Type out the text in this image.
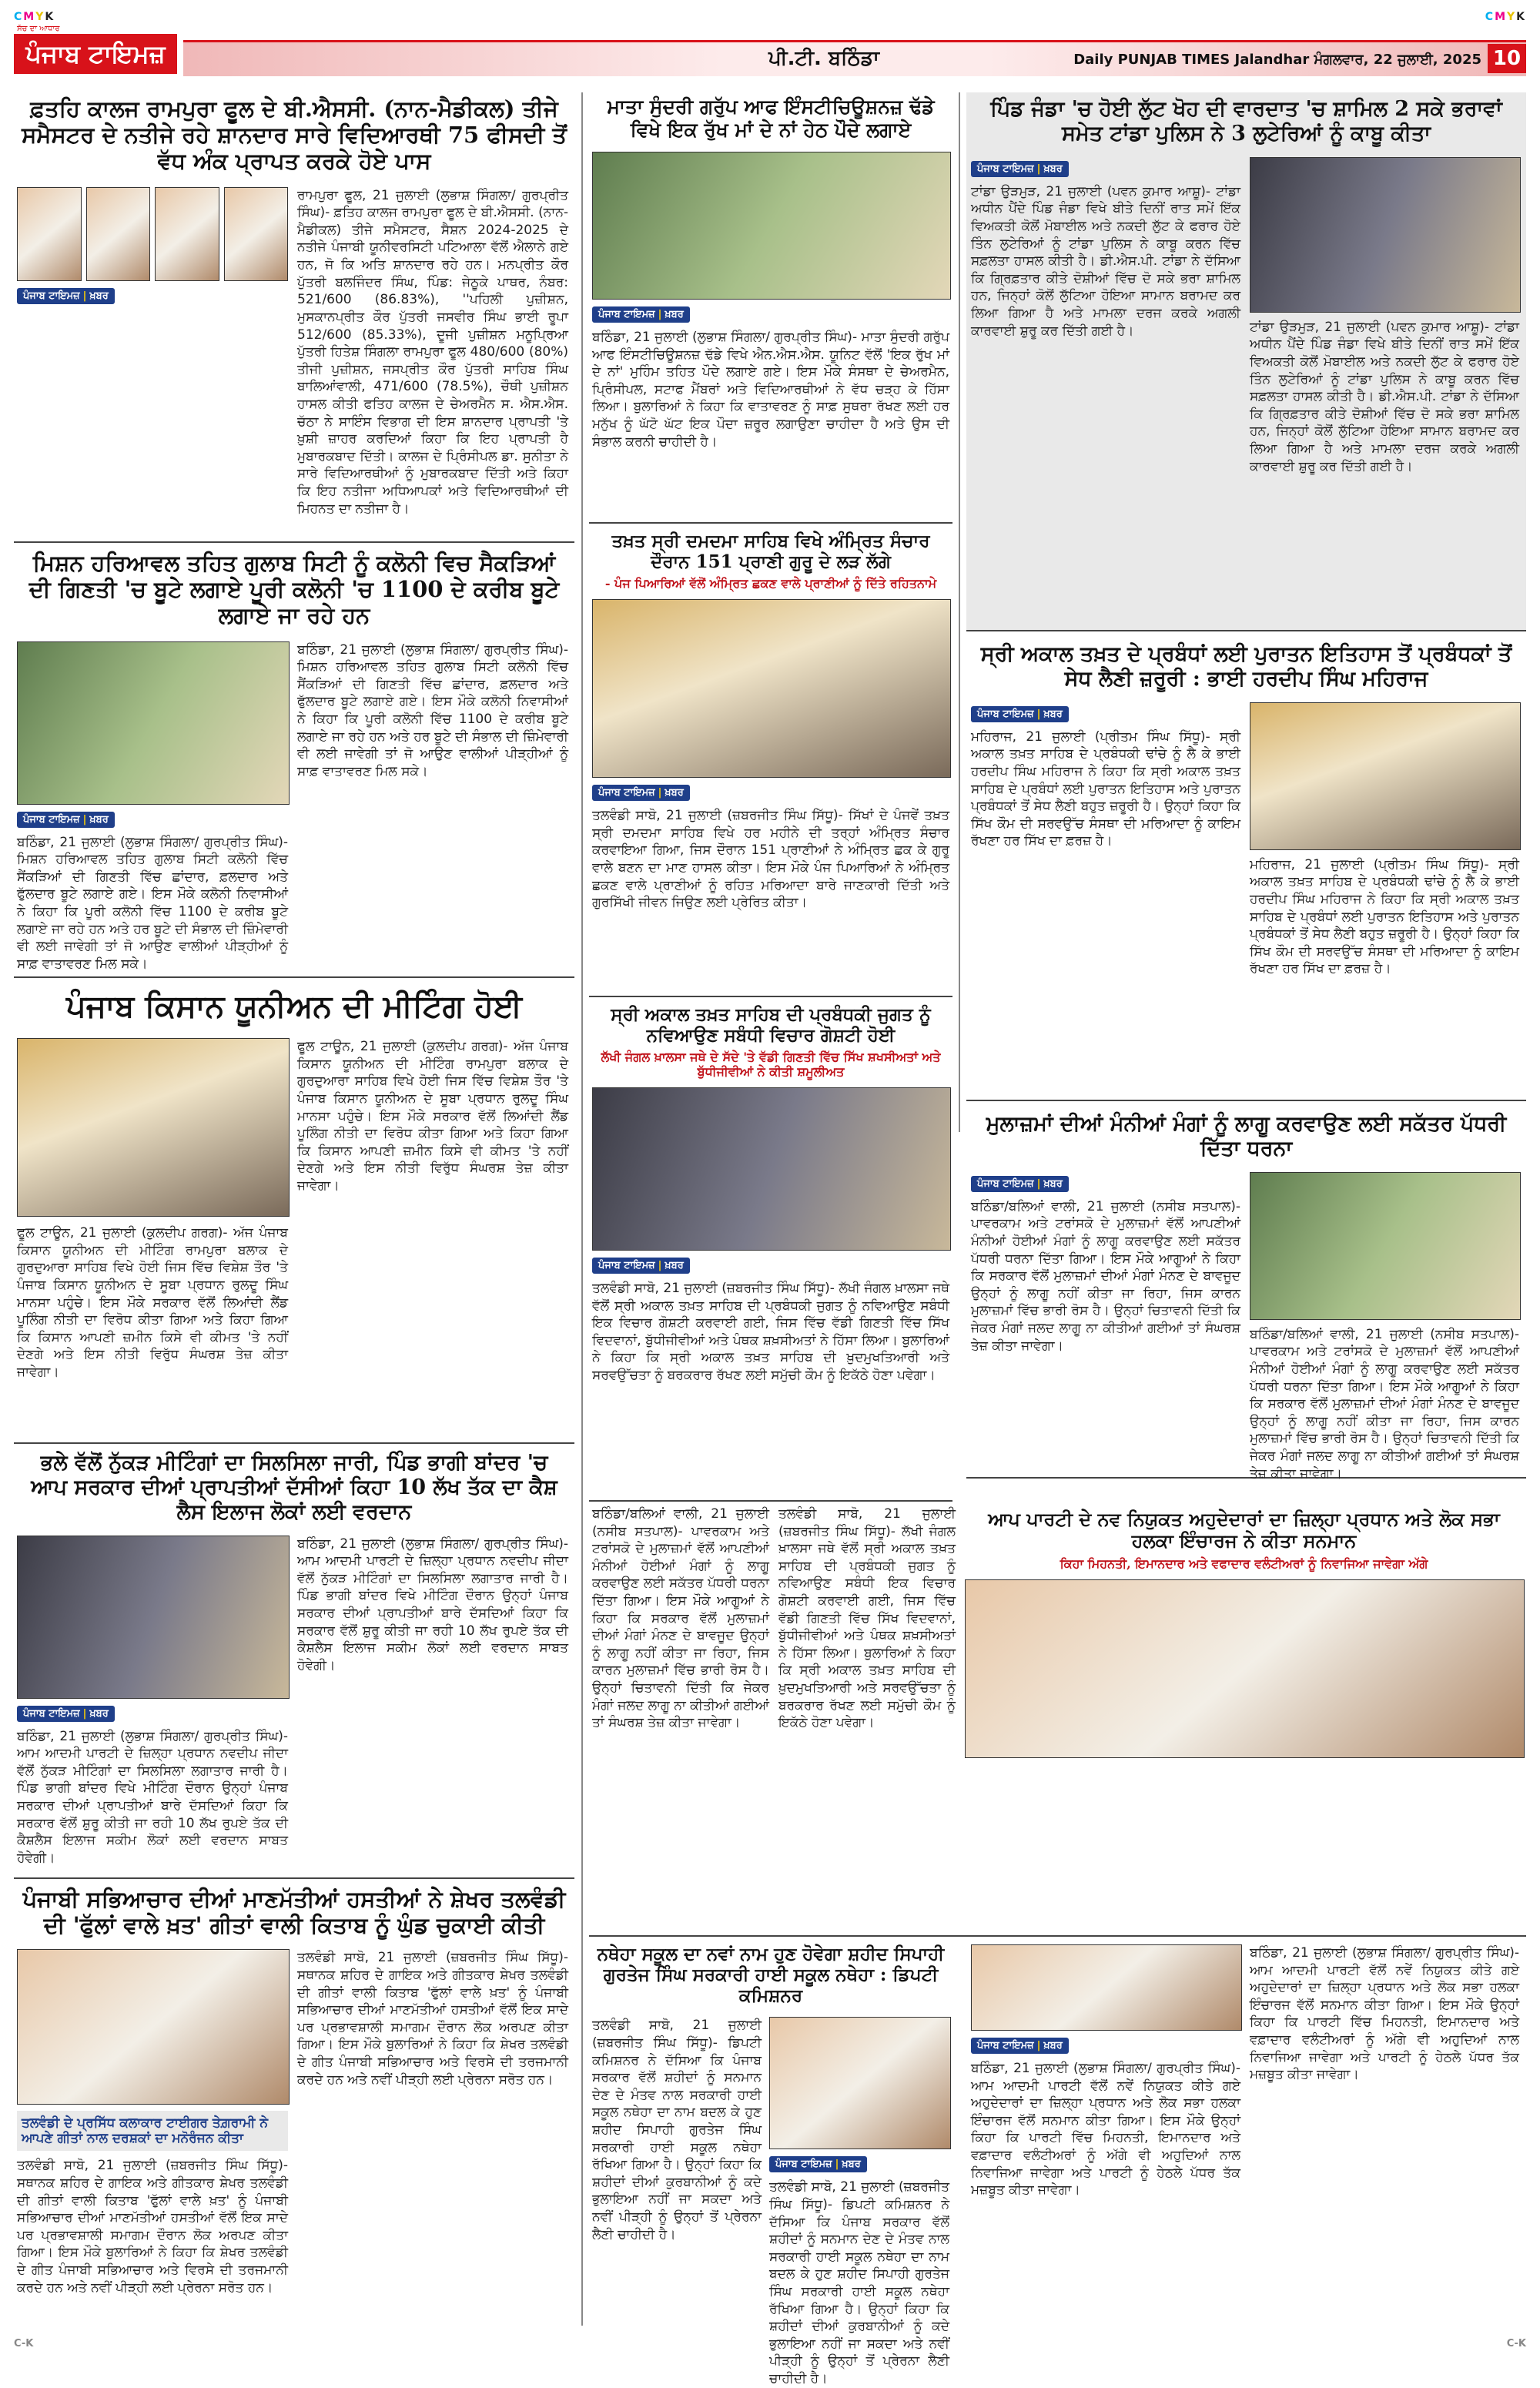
CMYK	CMYK
ਸੱਚ ਦਾ ਆਧਾਰ
ਪੰਜਾਬ ਟਾਇਮਜ਼	ਪੀ.ਟੀ. ਬਠਿੰਡਾ	Daily PUNJAB TIMES Jalandhar ਮੰਗਲਵਾਰ, 22 ਜੁਲਾਈ, 2025 10
ਫ਼ਤਹਿ ਕਾਲਜ ਰਾਮਪੁਰਾ ਫੂਲ ਦੇ ਬੀ.ਐਸਸੀ. (ਨਾਨ-ਮੈਡੀਕਲ) ਤੀਜੇ ਸਮੈਸਟਰ ਦੇ ਨਤੀਜੇ ਰਹੇ ਸ਼ਾਨਦਾਰ ਸਾਰੇ ਵਿਦਿਆਰਥੀ 75 ਫੀਸਦੀ ਤੋਂ ਵੱਧ ਅੰਕ ਪ੍ਰਾਪਤ ਕਰਕੇ ਹੋਏ ਪਾਸ
ਪੰਜਾਬ ਟਾਇਮਜ਼ | ਖ਼ਬਰ
ਰਾਮਪੁਰਾ ਫੂਲ, 21 ਜੁਲਾਈ (ਲੁਭਾਸ਼ ਸਿੰਗਲਾ/ ਗੁਰਪ੍ਰੀਤ ਸਿੰਘ)- ਫ਼ਤਿਹ ਕਾਲਜ ਰਾਮਪੁਰਾ ਫੂਲ ਦੇ ਬੀ.ਐਸਸੀ. (ਨਾਨ-ਮੈਡੀਕਲ) ਤੀਜੇ ਸਮੈਸਟਰ, ਸੈਸ਼ਨ 2024-2025 ਦੇ ਨਤੀਜੇ ਪੰਜਾਬੀ ਯੂਨੀਵਰਸਿਟੀ ਪਟਿਆਲਾ ਵੱਲੋਂ ਐਲਾਨੇ ਗਏ ਹਨ, ਜੋ ਕਿ ਅਤਿ ਸ਼ਾਨਦਾਰ ਰਹੇ ਹਨ। ਮਨਪ੍ਰੀਤ ਕੌਰ ਪੁੱਤਰੀ ਬਲਜਿੰਦਰ ਸਿੰਘ, ਪਿੰਡ: ਜੇਠੂਕੇ ਪਾਥਰ, ਨੰਬਰ: 521/600 (86.83%), ''ਪਹਿਲੀ ਪੁਜ਼ੀਸ਼ਨ, ਮੁਸਕਾਨਪ੍ਰੀਤ ਕੌਰ ਪੁੱਤਰੀ ਜਸਵੀਰ ਸਿੰਘ ਭਾਈ ਰੂਪਾ 512/600 (85.33%), ਦੂਜੀ ਪੁਜ਼ੀਸ਼ਨ ਮਨੂਪ੍ਰਿਆ ਪੁੱਤਰੀ ਹਿਤੇਸ਼ ਸਿੰਗਲਾ ਰਾਮਪੁਰਾ ਫੂਲ 480/600 (80%) ਤੀਜੀ ਪੁਜ਼ੀਸ਼ਨ, ਜਸਪ੍ਰੀਤ ਕੌਰ ਪੁੱਤਰੀ ਸਾਹਿਬ ਸਿੰਘ ਬਾਲਿਆਂਵਾਲੀ, 471/600 (78.5%), ਚੌਥੀ ਪੁਜ਼ੀਸ਼ਨ ਹਾਸਲ ਕੀਤੀ ਫਤਿਹ ਕਾਲਜ ਦੇ ਚੇਅਰਮੈਨ ਸ. ਐਸ.ਐਸ. ਚੱਠਾ ਨੇ ਸਾਇੰਸ ਵਿਭਾਗ ਦੀ ਇਸ ਸ਼ਾਨਦਾਰ ਪ੍ਰਾਪਤੀ 'ਤੇ ਖ਼ੁਸ਼ੀ ਜ਼ਾਹਰ ਕਰਦਿਆਂ ਕਿਹਾ ਕਿ ਇਹ ਪ੍ਰਾਪਤੀ ਹੈ ਮੁਬਾਰਕਬਾਦ ਦਿੱਤੀ। ਕਾਲਜ ਦੇ ਪ੍ਰਿੰਸੀਪਲ ਡਾ. ਸੁਨੀਤਾ ਨੇ ਸਾਰੇ ਵਿਦਿਆਰਥੀਆਂ ਨੂੰ ਮੁਬਾਰਕਬਾਦ ਦਿੱਤੀ ਅਤੇ ਕਿਹਾ ਕਿ ਇਹ ਨਤੀਜਾ ਅਧਿਆਪਕਾਂ ਅਤੇ ਵਿਦਿਆਰਥੀਆਂ ਦੀ ਮਿਹਨਤ ਦਾ ਨਤੀਜਾ ਹੈ।
ਮਿਸ਼ਨ ਹਰਿਆਵਲ ਤਹਿਤ ਗੁਲਾਬ ਸਿਟੀ ਨੂੰ ਕਲੋਨੀ ਵਿਚ ਸੈਕੜਿਆਂ ਦੀ ਗਿਣਤੀ 'ਚ ਬੂਟੇ ਲਗਾਏ ਪੂਰੀ ਕਲੋਨੀ 'ਚ 1100 ਦੇ ਕਰੀਬ ਬੂਟੇ ਲਗਾਏ ਜਾ ਰਹੇ ਹਨ
ਪੰਜਾਬ ਟਾਇਮਜ਼ | ਖ਼ਬਰ
ਬਠਿੰਡਾ, 21 ਜੁਲਾਈ (ਲੁਭਾਸ਼ ਸਿੰਗਲਾ/ ਗੁਰਪ੍ਰੀਤ ਸਿੰਘ)- ਮਿਸ਼ਨ ਹਰਿਆਵਲ ਤਹਿਤ ਗੁਲਾਬ ਸਿਟੀ ਕਲੋਨੀ ਵਿੱਚ ਸੈਂਕੜਿਆਂ ਦੀ ਗਿਣਤੀ ਵਿੱਚ ਛਾਂਦਾਰ, ਫ਼ਲਦਾਰ ਅਤੇ ਫੁੱਲਦਾਰ ਬੂਟੇ ਲਗਾਏ ਗਏ। ਇਸ ਮੌਕੇ ਕਲੋਨੀ ਨਿਵਾਸੀਆਂ ਨੇ ਕਿਹਾ ਕਿ ਪੂਰੀ ਕਲੋਨੀ ਵਿੱਚ 1100 ਦੇ ਕਰੀਬ ਬੂਟੇ ਲਗਾਏ ਜਾ ਰਹੇ ਹਨ ਅਤੇ ਹਰ ਬੂਟੇ ਦੀ ਸੰਭਾਲ ਦੀ ਜ਼ਿੰਮੇਵਾਰੀ ਵੀ ਲਈ ਜਾਵੇਗੀ ਤਾਂ ਜੋ ਆਉਣ ਵਾਲੀਆਂ ਪੀੜ੍ਹੀਆਂ ਨੂੰ ਸਾਫ਼ ਵਾਤਾਵਰਣ ਮਿਲ ਸਕੇ।
ਬਠਿੰਡਾ, 21 ਜੁਲਾਈ (ਲੁਭਾਸ਼ ਸਿੰਗਲਾ/ ਗੁਰਪ੍ਰੀਤ ਸਿੰਘ)- ਮਿਸ਼ਨ ਹਰਿਆਵਲ ਤਹਿਤ ਗੁਲਾਬ ਸਿਟੀ ਕਲੋਨੀ ਵਿੱਚ ਸੈਂਕੜਿਆਂ ਦੀ ਗਿਣਤੀ ਵਿੱਚ ਛਾਂਦਾਰ, ਫ਼ਲਦਾਰ ਅਤੇ ਫੁੱਲਦਾਰ ਬੂਟੇ ਲਗਾਏ ਗਏ। ਇਸ ਮੌਕੇ ਕਲੋਨੀ ਨਿਵਾਸੀਆਂ ਨੇ ਕਿਹਾ ਕਿ ਪੂਰੀ ਕਲੋਨੀ ਵਿੱਚ 1100 ਦੇ ਕਰੀਬ ਬੂਟੇ ਲਗਾਏ ਜਾ ਰਹੇ ਹਨ ਅਤੇ ਹਰ ਬੂਟੇ ਦੀ ਸੰਭਾਲ ਦੀ ਜ਼ਿੰਮੇਵਾਰੀ ਵੀ ਲਈ ਜਾਵੇਗੀ ਤਾਂ ਜੋ ਆਉਣ ਵਾਲੀਆਂ ਪੀੜ੍ਹੀਆਂ ਨੂੰ ਸਾਫ਼ ਵਾਤਾਵਰਣ ਮਿਲ ਸਕੇ।
ਪੰਜਾਬ ਕਿਸਾਨ ਯੂਨੀਅਨ ਦੀ ਮੀਟਿੰਗ ਹੋਈ
ਫੂਲ ਟਾਊਨ, 21 ਜੁਲਾਈ (ਕੁਲਦੀਪ ਗਰਗ)- ਅੱਜ ਪੰਜਾਬ ਕਿਸਾਨ ਯੂਨੀਅਨ ਦੀ ਮੀਟਿੰਗ ਰਾਮਪੁਰਾ ਬਲਾਕ ਦੇ ਗੁਰਦੁਆਰਾ ਸਾਹਿਬ ਵਿਖੇ ਹੋਈ ਜਿਸ ਵਿੱਚ ਵਿਸ਼ੇਸ਼ ਤੌਰ 'ਤੇ ਪੰਜਾਬ ਕਿਸਾਨ ਯੂਨੀਅਨ ਦੇ ਸੂਬਾ ਪ੍ਰਧਾਨ ਰੁਲਦੂ ਸਿੰਘ ਮਾਨਸਾ ਪਹੁੰਚੇ। ਇਸ ਮੌਕੇ ਸਰਕਾਰ ਵੱਲੋਂ ਲਿਆਂਦੀ ਲੈਂਡ ਪੂਲਿੰਗ ਨੀਤੀ ਦਾ ਵਿਰੋਧ ਕੀਤਾ ਗਿਆ ਅਤੇ ਕਿਹਾ ਗਿਆ ਕਿ ਕਿਸਾਨ ਆਪਣੀ ਜ਼ਮੀਨ ਕਿਸੇ ਵੀ ਕੀਮਤ 'ਤੇ ਨਹੀਂ ਦੇਣਗੇ ਅਤੇ ਇਸ ਨੀਤੀ ਵਿਰੁੱਧ ਸੰਘਰਸ਼ ਤੇਜ਼ ਕੀਤਾ ਜਾਵੇਗਾ।
ਫੂਲ ਟਾਊਨ, 21 ਜੁਲਾਈ (ਕੁਲਦੀਪ ਗਰਗ)- ਅੱਜ ਪੰਜਾਬ ਕਿਸਾਨ ਯੂਨੀਅਨ ਦੀ ਮੀਟਿੰਗ ਰਾਮਪੁਰਾ ਬਲਾਕ ਦੇ ਗੁਰਦੁਆਰਾ ਸਾਹਿਬ ਵਿਖੇ ਹੋਈ ਜਿਸ ਵਿੱਚ ਵਿਸ਼ੇਸ਼ ਤੌਰ 'ਤੇ ਪੰਜਾਬ ਕਿਸਾਨ ਯੂਨੀਅਨ ਦੇ ਸੂਬਾ ਪ੍ਰਧਾਨ ਰੁਲਦੂ ਸਿੰਘ ਮਾਨਸਾ ਪਹੁੰਚੇ। ਇਸ ਮੌਕੇ ਸਰਕਾਰ ਵੱਲੋਂ ਲਿਆਂਦੀ ਲੈਂਡ ਪੂਲਿੰਗ ਨੀਤੀ ਦਾ ਵਿਰੋਧ ਕੀਤਾ ਗਿਆ ਅਤੇ ਕਿਹਾ ਗਿਆ ਕਿ ਕਿਸਾਨ ਆਪਣੀ ਜ਼ਮੀਨ ਕਿਸੇ ਵੀ ਕੀਮਤ 'ਤੇ ਨਹੀਂ ਦੇਣਗੇ ਅਤੇ ਇਸ ਨੀਤੀ ਵਿਰੁੱਧ ਸੰਘਰਸ਼ ਤੇਜ਼ ਕੀਤਾ ਜਾਵੇਗਾ।
ਭਲੇ ਵੱਲੋਂ ਨੁੱਕੜ ਮੀਟਿੰਗਾਂ ਦਾ ਸਿਲਸਿਲਾ ਜਾਰੀ, ਪਿੰਡ ਭਾਗੀ ਬਾਂਦਰ 'ਚ ਆਪ ਸਰਕਾਰ ਦੀਆਂ ਪ੍ਰਾਪਤੀਆਂ ਦੱਸੀਆਂ ਕਿਹਾ 10 ਲੱਖ ਤੱਕ ਦਾ ਕੈਸ਼ ਲੈਸ ਇਲਾਜ ਲੋਕਾਂ ਲਈ ਵਰਦਾਨ
ਪੰਜਾਬ ਟਾਇਮਜ਼ | ਖ਼ਬਰ
ਬਠਿੰਡਾ, 21 ਜੁਲਾਈ (ਲੁਭਾਸ਼ ਸਿੰਗਲਾ/ ਗੁਰਪ੍ਰੀਤ ਸਿੰਘ)- ਆਮ ਆਦਮੀ ਪਾਰਟੀ ਦੇ ਜ਼ਿਲ੍ਹਾ ਪ੍ਰਧਾਨ ਨਵਦੀਪ ਜੀਦਾ ਵੱਲੋਂ ਨੁੱਕੜ ਮੀਟਿੰਗਾਂ ਦਾ ਸਿਲਸਿਲਾ ਲਗਾਤਾਰ ਜਾਰੀ ਹੈ। ਪਿੰਡ ਭਾਗੀ ਬਾਂਦਰ ਵਿਖੇ ਮੀਟਿੰਗ ਦੌਰਾਨ ਉਨ੍ਹਾਂ ਪੰਜਾਬ ਸਰਕਾਰ ਦੀਆਂ ਪ੍ਰਾਪਤੀਆਂ ਬਾਰੇ ਦੱਸਦਿਆਂ ਕਿਹਾ ਕਿ ਸਰਕਾਰ ਵੱਲੋਂ ਸ਼ੁਰੂ ਕੀਤੀ ਜਾ ਰਹੀ 10 ਲੱਖ ਰੁਪਏ ਤੱਕ ਦੀ ਕੈਸ਼ਲੈਸ ਇਲਾਜ ਸਕੀਮ ਲੋਕਾਂ ਲਈ ਵਰਦਾਨ ਸਾਬਤ ਹੋਵੇਗੀ।
ਬਠਿੰਡਾ, 21 ਜੁਲਾਈ (ਲੁਭਾਸ਼ ਸਿੰਗਲਾ/ ਗੁਰਪ੍ਰੀਤ ਸਿੰਘ)- ਆਮ ਆਦਮੀ ਪਾਰਟੀ ਦੇ ਜ਼ਿਲ੍ਹਾ ਪ੍ਰਧਾਨ ਨਵਦੀਪ ਜੀਦਾ ਵੱਲੋਂ ਨੁੱਕੜ ਮੀਟਿੰਗਾਂ ਦਾ ਸਿਲਸਿਲਾ ਲਗਾਤਾਰ ਜਾਰੀ ਹੈ। ਪਿੰਡ ਭਾਗੀ ਬਾਂਦਰ ਵਿਖੇ ਮੀਟਿੰਗ ਦੌਰਾਨ ਉਨ੍ਹਾਂ ਪੰਜਾਬ ਸਰਕਾਰ ਦੀਆਂ ਪ੍ਰਾਪਤੀਆਂ ਬਾਰੇ ਦੱਸਦਿਆਂ ਕਿਹਾ ਕਿ ਸਰਕਾਰ ਵੱਲੋਂ ਸ਼ੁਰੂ ਕੀਤੀ ਜਾ ਰਹੀ 10 ਲੱਖ ਰੁਪਏ ਤੱਕ ਦੀ ਕੈਸ਼ਲੈਸ ਇਲਾਜ ਸਕੀਮ ਲੋਕਾਂ ਲਈ ਵਰਦਾਨ ਸਾਬਤ ਹੋਵੇਗੀ।
ਪੰਜਾਬੀ ਸਭਿਆਚਾਰ ਦੀਆਂ ਮਾਣਮੱਤੀਆਂ ਹਸਤੀਆਂ ਨੇ ਸ਼ੇਖਰ ਤਲਵੰਡੀ ਦੀ 'ਫੁੱਲਾਂ ਵਾਲੇ ਖ਼ਤ' ਗੀਤਾਂ ਵਾਲੀ ਕਿਤਾਬ ਨੂੰ ਘੁੰਡ ਚੁਕਾਈ ਕੀਤੀ
ਤਲਵੰਡੀ ਦੇ ਪ੍ਰਸਿੱਧ ਕਲਾਕਾਰ ਟਾਈਗਰ ਤੇਗ਼ਰਾਮੀ ਨੇ ਆਪਣੇ ਗੀਤਾਂ ਨਾਲ ਦਰਸ਼ਕਾਂ ਦਾ ਮਨੋਰੰਜਨ ਕੀਤਾ
ਤਲਵੰਡੀ ਸਾਬੋ, 21 ਜੁਲਾਈ (ਜ਼ਬਰਜੀਤ ਸਿੰਘ ਸਿੱਧੂ)- ਸਥਾਨਕ ਸ਼ਹਿਰ ਦੇ ਗਾਇਕ ਅਤੇ ਗੀਤਕਾਰ ਸ਼ੇਖਰ ਤਲਵੰਡੀ ਦੀ ਗੀਤਾਂ ਵਾਲੀ ਕਿਤਾਬ 'ਫੁੱਲਾਂ ਵਾਲੇ ਖ਼ਤ' ਨੂੰ ਪੰਜਾਬੀ ਸਭਿਆਚਾਰ ਦੀਆਂ ਮਾਣਮੱਤੀਆਂ ਹਸਤੀਆਂ ਵੱਲੋਂ ਇਕ ਸਾਦੇ ਪਰ ਪ੍ਰਭਾਵਸ਼ਾਲੀ ਸਮਾਗਮ ਦੌਰਾਨ ਲੋਕ ਅਰਪਣ ਕੀਤਾ ਗਿਆ। ਇਸ ਮੌਕੇ ਬੁਲਾਰਿਆਂ ਨੇ ਕਿਹਾ ਕਿ ਸ਼ੇਖਰ ਤਲਵੰਡੀ ਦੇ ਗੀਤ ਪੰਜਾਬੀ ਸਭਿਆਚਾਰ ਅਤੇ ਵਿਰਸੇ ਦੀ ਤਰਜਮਾਨੀ ਕਰਦੇ ਹਨ ਅਤੇ ਨਵੀਂ ਪੀੜ੍ਹੀ ਲਈ ਪ੍ਰੇਰਨਾ ਸਰੋਤ ਹਨ।
ਤਲਵੰਡੀ ਸਾਬੋ, 21 ਜੁਲਾਈ (ਜ਼ਬਰਜੀਤ ਸਿੰਘ ਸਿੱਧੂ)- ਸਥਾਨਕ ਸ਼ਹਿਰ ਦੇ ਗਾਇਕ ਅਤੇ ਗੀਤਕਾਰ ਸ਼ੇਖਰ ਤਲਵੰਡੀ ਦੀ ਗੀਤਾਂ ਵਾਲੀ ਕਿਤਾਬ 'ਫੁੱਲਾਂ ਵਾਲੇ ਖ਼ਤ' ਨੂੰ ਪੰਜਾਬੀ ਸਭਿਆਚਾਰ ਦੀਆਂ ਮਾਣਮੱਤੀਆਂ ਹਸਤੀਆਂ ਵੱਲੋਂ ਇਕ ਸਾਦੇ ਪਰ ਪ੍ਰਭਾਵਸ਼ਾਲੀ ਸਮਾਗਮ ਦੌਰਾਨ ਲੋਕ ਅਰਪਣ ਕੀਤਾ ਗਿਆ। ਇਸ ਮੌਕੇ ਬੁਲਾਰਿਆਂ ਨੇ ਕਿਹਾ ਕਿ ਸ਼ੇਖਰ ਤਲਵੰਡੀ ਦੇ ਗੀਤ ਪੰਜਾਬੀ ਸਭਿਆਚਾਰ ਅਤੇ ਵਿਰਸੇ ਦੀ ਤਰਜਮਾਨੀ ਕਰਦੇ ਹਨ ਅਤੇ ਨਵੀਂ ਪੀੜ੍ਹੀ ਲਈ ਪ੍ਰੇਰਨਾ ਸਰੋਤ ਹਨ।
ਮਾਤਾ ਸੁੰਦਰੀ ਗਰੁੱਪ ਆਫ ਇੰਸਟੀਚਿਊਸ਼ਨਜ਼ ਢੱਡੇ ਵਿਖੇ ਇਕ ਰੁੱਖ ਮਾਂ ਦੇ ਨਾਂ ਹੇਠ ਪੌਦੇ ਲਗਾਏ
ਪੰਜਾਬ ਟਾਇਮਜ਼ | ਖ਼ਬਰ
ਬਠਿੰਡਾ, 21 ਜੁਲਾਈ (ਲੁਭਾਸ਼ ਸਿੰਗਲਾ/ ਗੁਰਪ੍ਰੀਤ ਸਿੰਘ)- ਮਾਤਾ ਸੁੰਦਰੀ ਗਰੁੱਪ ਆਫ ਇੰਸਟੀਚਿਊਸ਼ਨਜ਼ ਢੱਡੇ ਵਿਖੇ ਐਨ.ਐਸ.ਐਸ. ਯੂਨਿਟ ਵੱਲੋਂ 'ਇਕ ਰੁੱਖ ਮਾਂ ਦੇ ਨਾਂ' ਮੁਹਿੰਮ ਤਹਿਤ ਪੌਦੇ ਲਗਾਏ ਗਏ। ਇਸ ਮੌਕੇ ਸੰਸਥਾ ਦੇ ਚੇਅਰਮੈਨ, ਪ੍ਰਿੰਸੀਪਲ, ਸਟਾਫ ਮੈਂਬਰਾਂ ਅਤੇ ਵਿਦਿਆਰਥੀਆਂ ਨੇ ਵੱਧ ਚੜ੍ਹ ਕੇ ਹਿੱਸਾ ਲਿਆ। ਬੁਲਾਰਿਆਂ ਨੇ ਕਿਹਾ ਕਿ ਵਾਤਾਵਰਣ ਨੂੰ ਸਾਫ਼ ਸੁਥਰਾ ਰੱਖਣ ਲਈ ਹਰ ਮਨੁੱਖ ਨੂੰ ਘੱਟੋ ਘੱਟ ਇਕ ਪੌਦਾ ਜ਼ਰੂਰ ਲਗਾਉਣਾ ਚਾਹੀਦਾ ਹੈ ਅਤੇ ਉਸ ਦੀ ਸੰਭਾਲ ਕਰਨੀ ਚਾਹੀਦੀ ਹੈ।
ਤਖ਼ਤ ਸ੍ਰੀ ਦਮਦਮਾ ਸਾਹਿਬ ਵਿਖੇ ਅੰਮ੍ਰਿਤ ਸੰਚਾਰ ਦੌਰਾਨ 151 ਪ੍ਰਾਣੀ ਗੁਰੂ ਦੇ ਲੜ ਲੱਗੇ
- ਪੰਜ ਪਿਆਰਿਆਂ ਵੱਲੋਂ ਅੰਮ੍ਰਿਤ ਛਕਣ ਵਾਲੇ ਪ੍ਰਾਣੀਆਂ ਨੂੰ ਦਿੱਤੇ ਰਹਿਤਨਾਮੇ
ਪੰਜਾਬ ਟਾਇਮਜ਼ | ਖ਼ਬਰ
ਤਲਵੰਡੀ ਸਾਬੋ, 21 ਜੁਲਾਈ (ਜ਼ਬਰਜੀਤ ਸਿੰਘ ਸਿੱਧੂ)- ਸਿੱਖਾਂ ਦੇ ਪੰਜਵੇਂ ਤਖ਼ਤ ਸ੍ਰੀ ਦਮਦਮਾ ਸਾਹਿਬ ਵਿਖੇ ਹਰ ਮਹੀਨੇ ਦੀ ਤਰ੍ਹਾਂ ਅੰਮ੍ਰਿਤ ਸੰਚਾਰ ਕਰਵਾਇਆ ਗਿਆ, ਜਿਸ ਦੌਰਾਨ 151 ਪ੍ਰਾਣੀਆਂ ਨੇ ਅੰਮ੍ਰਿਤ ਛਕ ਕੇ ਗੁਰੂ ਵਾਲੇ ਬਣਨ ਦਾ ਮਾਣ ਹਾਸਲ ਕੀਤਾ। ਇਸ ਮੌਕੇ ਪੰਜ ਪਿਆਰਿਆਂ ਨੇ ਅੰਮ੍ਰਿਤ ਛਕਣ ਵਾਲੇ ਪ੍ਰਾਣੀਆਂ ਨੂੰ ਰਹਿਤ ਮਰਿਆਦਾ ਬਾਰੇ ਜਾਣਕਾਰੀ ਦਿੱਤੀ ਅਤੇ ਗੁਰਸਿੱਖੀ ਜੀਵਨ ਜਿਉਣ ਲਈ ਪ੍ਰੇਰਿਤ ਕੀਤਾ।
ਸ੍ਰੀ ਅਕਾਲ ਤਖ਼ਤ ਸਾਹਿਬ ਦੀ ਪ੍ਰਬੰਧਕੀ ਜੁਗਤ ਨੂੰ ਨਵਿਆਉਣ ਸਬੰਧੀ ਵਿਚਾਰ ਗੋਸ਼ਟੀ ਹੋਈ
ਲੱਖੀ ਜੰਗਲ ਖ਼ਾਲਸਾ ਜਥੇ ਦੇ ਸੱਦੇ 'ਤੇ ਵੱਡੀ ਗਿਣਤੀ ਵਿੱਚ ਸਿੱਖ ਸ਼ਖਸੀਅਤਾਂ ਅਤੇ ਬੁੱਧੀਜੀਵੀਆਂ ਨੇ ਕੀਤੀ ਸ਼ਮੂਲੀਅਤ
ਪੰਜਾਬ ਟਾਇਮਜ਼ | ਖ਼ਬਰ
ਤਲਵੰਡੀ ਸਾਬੋ, 21 ਜੁਲਾਈ (ਜ਼ਬਰਜੀਤ ਸਿੰਘ ਸਿੱਧੂ)- ਲੱਖੀ ਜੰਗਲ ਖ਼ਾਲਸਾ ਜਥੇ ਵੱਲੋਂ ਸ੍ਰੀ ਅਕਾਲ ਤਖ਼ਤ ਸਾਹਿਬ ਦੀ ਪ੍ਰਬੰਧਕੀ ਜੁਗਤ ਨੂੰ ਨਵਿਆਉਣ ਸਬੰਧੀ ਇਕ ਵਿਚਾਰ ਗੋਸ਼ਟੀ ਕਰਵਾਈ ਗਈ, ਜਿਸ ਵਿੱਚ ਵੱਡੀ ਗਿਣਤੀ ਵਿੱਚ ਸਿੱਖ ਵਿਦਵਾਨਾਂ, ਬੁੱਧੀਜੀਵੀਆਂ ਅਤੇ ਪੰਥਕ ਸ਼ਖ਼ਸੀਅਤਾਂ ਨੇ ਹਿੱਸਾ ਲਿਆ। ਬੁਲਾਰਿਆਂ ਨੇ ਕਿਹਾ ਕਿ ਸ੍ਰੀ ਅਕਾਲ ਤਖ਼ਤ ਸਾਹਿਬ ਦੀ ਖ਼ੁਦਮੁਖਤਿਆਰੀ ਅਤੇ ਸਰਵਉੱਚਤਾ ਨੂੰ ਬਰਕਰਾਰ ਰੱਖਣ ਲਈ ਸਮੁੱਚੀ ਕੌਮ ਨੂੰ ਇਕੱਠੇ ਹੋਣਾ ਪਵੇਗਾ।
ਨਥੇਹਾ ਸਕੂਲ ਦਾ ਨਵਾਂ ਨਾਮ ਹੁਣ ਹੋਵੇਗਾ ਸ਼ਹੀਦ ਸਿਪਾਹੀ ਗੁਰਤੇਜ ਸਿੰਘ ਸਰਕਾਰੀ ਹਾਈ ਸਕੂਲ ਨਥੇਹਾ : ਡਿਪਟੀ ਕਮਿਸ਼ਨਰ
ਤਲਵੰਡੀ ਸਾਬੋ, 21 ਜੁਲਾਈ (ਜ਼ਬਰਜੀਤ ਸਿੰਘ ਸਿੱਧੂ)- ਡਿਪਟੀ ਕਮਿਸ਼ਨਰ ਨੇ ਦੱਸਿਆ ਕਿ ਪੰਜਾਬ ਸਰਕਾਰ ਵੱਲੋਂ ਸ਼ਹੀਦਾਂ ਨੂੰ ਸਨਮਾਨ ਦੇਣ ਦੇ ਮੰਤਵ ਨਾਲ ਸਰਕਾਰੀ ਹਾਈ ਸਕੂਲ ਨਥੇਹਾ ਦਾ ਨਾਮ ਬਦਲ ਕੇ ਹੁਣ ਸ਼ਹੀਦ ਸਿਪਾਹੀ ਗੁਰਤੇਜ ਸਿੰਘ ਸਰਕਾਰੀ ਹਾਈ ਸਕੂਲ ਨਥੇਹਾ ਰੱਖਿਆ ਗਿਆ ਹੈ। ਉਨ੍ਹਾਂ ਕਿਹਾ ਕਿ ਸ਼ਹੀਦਾਂ ਦੀਆਂ ਕੁਰਬਾਨੀਆਂ ਨੂੰ ਕਦੇ ਭੁਲਾਇਆ ਨਹੀਂ ਜਾ ਸਕਦਾ ਅਤੇ ਨਵੀਂ ਪੀੜ੍ਹੀ ਨੂੰ ਉਨ੍ਹਾਂ ਤੋਂ ਪ੍ਰੇਰਨਾ ਲੈਣੀ ਚਾਹੀਦੀ ਹੈ।
ਪੰਜਾਬ ਟਾਇਮਜ਼ | ਖ਼ਬਰ
ਤਲਵੰਡੀ ਸਾਬੋ, 21 ਜੁਲਾਈ (ਜ਼ਬਰਜੀਤ ਸਿੰਘ ਸਿੱਧੂ)- ਡਿਪਟੀ ਕਮਿਸ਼ਨਰ ਨੇ ਦੱਸਿਆ ਕਿ ਪੰਜਾਬ ਸਰਕਾਰ ਵੱਲੋਂ ਸ਼ਹੀਦਾਂ ਨੂੰ ਸਨਮਾਨ ਦੇਣ ਦੇ ਮੰਤਵ ਨਾਲ ਸਰਕਾਰੀ ਹਾਈ ਸਕੂਲ ਨਥੇਹਾ ਦਾ ਨਾਮ ਬਦਲ ਕੇ ਹੁਣ ਸ਼ਹੀਦ ਸਿਪਾਹੀ ਗੁਰਤੇਜ ਸਿੰਘ ਸਰਕਾਰੀ ਹਾਈ ਸਕੂਲ ਨਥੇਹਾ ਰੱਖਿਆ ਗਿਆ ਹੈ। ਉਨ੍ਹਾਂ ਕਿਹਾ ਕਿ ਸ਼ਹੀਦਾਂ ਦੀਆਂ ਕੁਰਬਾਨੀਆਂ ਨੂੰ ਕਦੇ ਭੁਲਾਇਆ ਨਹੀਂ ਜਾ ਸਕਦਾ ਅਤੇ ਨਵੀਂ ਪੀੜ੍ਹੀ ਨੂੰ ਉਨ੍ਹਾਂ ਤੋਂ ਪ੍ਰੇਰਨਾ ਲੈਣੀ ਚਾਹੀਦੀ ਹੈ।
ਪਿੰਡ ਜੰਡਾ 'ਚ ਹੋਈ ਲੁੱਟ ਖੋਹ ਦੀ ਵਾਰਦਾਤ 'ਚ ਸ਼ਾਮਿਲ 2 ਸਕੇ ਭਰਾਵਾਂ ਸਮੇਤ ਟਾਂਡਾ ਪੁਲਿਸ ਨੇ 3 ਲੁਟੇਰਿਆਂ ਨੂੰ ਕਾਬੂ ਕੀਤਾ
ਪੰਜਾਬ ਟਾਇਮਜ਼ | ਖ਼ਬਰ
ਟਾਂਡਾ ਉੜਮੁੜ, 21 ਜੁਲਾਈ (ਪਵਨ ਕੁਮਾਰ ਆਸ਼ੂ)- ਟਾਂਡਾ ਅਧੀਨ ਪੈਂਦੇ ਪਿੰਡ ਜੰਡਾ ਵਿਖੇ ਬੀਤੇ ਦਿਨੀਂ ਰਾਤ ਸਮੇਂ ਇੱਕ ਵਿਅਕਤੀ ਕੋਲੋਂ ਮੋਬਾਈਲ ਅਤੇ ਨਕਦੀ ਲੁੱਟ ਕੇ ਫਰਾਰ ਹੋਏ ਤਿੰਨ ਲੁਟੇਰਿਆਂ ਨੂੰ ਟਾਂਡਾ ਪੁਲਿਸ ਨੇ ਕਾਬੂ ਕਰਨ ਵਿੱਚ ਸਫ਼ਲਤਾ ਹਾਸਲ ਕੀਤੀ ਹੈ। ਡੀ.ਐਸ.ਪੀ. ਟਾਂਡਾ ਨੇ ਦੱਸਿਆ ਕਿ ਗ੍ਰਿਫ਼ਤਾਰ ਕੀਤੇ ਦੋਸ਼ੀਆਂ ਵਿੱਚ ਦੋ ਸਕੇ ਭਰਾ ਸ਼ਾਮਿਲ ਹਨ, ਜਿਨ੍ਹਾਂ ਕੋਲੋਂ ਲੁੱਟਿਆ ਹੋਇਆ ਸਾਮਾਨ ਬਰਾਮਦ ਕਰ ਲਿਆ ਗਿਆ ਹੈ ਅਤੇ ਮਾਮਲਾ ਦਰਜ ਕਰਕੇ ਅਗਲੀ ਕਾਰਵਾਈ ਸ਼ੁਰੂ ਕਰ ਦਿੱਤੀ ਗਈ ਹੈ।	ਟਾਂਡਾ ਉੜਮੁੜ, 21 ਜੁਲਾਈ (ਪਵਨ ਕੁਮਾਰ ਆਸ਼ੂ)- ਟਾਂਡਾ ਅਧੀਨ ਪੈਂਦੇ ਪਿੰਡ ਜੰਡਾ ਵਿਖੇ ਬੀਤੇ ਦਿਨੀਂ ਰਾਤ ਸਮੇਂ ਇੱਕ ਵਿਅਕਤੀ ਕੋਲੋਂ ਮੋਬਾਈਲ ਅਤੇ ਨਕਦੀ ਲੁੱਟ ਕੇ ਫਰਾਰ ਹੋਏ ਤਿੰਨ ਲੁਟੇਰਿਆਂ ਨੂੰ ਟਾਂਡਾ ਪੁਲਿਸ ਨੇ ਕਾਬੂ ਕਰਨ ਵਿੱਚ ਸਫ਼ਲਤਾ ਹਾਸਲ ਕੀਤੀ ਹੈ। ਡੀ.ਐਸ.ਪੀ. ਟਾਂਡਾ ਨੇ ਦੱਸਿਆ ਕਿ ਗ੍ਰਿਫ਼ਤਾਰ ਕੀਤੇ ਦੋਸ਼ੀਆਂ ਵਿੱਚ ਦੋ ਸਕੇ ਭਰਾ ਸ਼ਾਮਿਲ ਹਨ, ਜਿਨ੍ਹਾਂ ਕੋਲੋਂ ਲੁੱਟਿਆ ਹੋਇਆ ਸਾਮਾਨ ਬਰਾਮਦ ਕਰ ਲਿਆ ਗਿਆ ਹੈ ਅਤੇ ਮਾਮਲਾ ਦਰਜ ਕਰਕੇ ਅਗਲੀ ਕਾਰਵਾਈ ਸ਼ੁਰੂ ਕਰ ਦਿੱਤੀ ਗਈ ਹੈ।
ਸ੍ਰੀ ਅਕਾਲ ਤਖ਼ਤ ਦੇ ਪ੍ਰਬੰਧਾਂ ਲਈ ਪੁਰਾਤਨ ਇਤਿਹਾਸ ਤੋਂ ਪ੍ਰਬੰਧਕਾਂ ਤੋਂ ਸੇਧ ਲੈਣੀ ਜ਼ਰੂਰੀ : ਭਾਈ ਹਰਦੀਪ ਸਿੰਘ ਮਹਿਰਾਜ
ਪੰਜਾਬ ਟਾਇਮਜ਼ | ਖ਼ਬਰ
ਮਹਿਰਾਜ, 21 ਜੁਲਾਈ (ਪ੍ਰੀਤਮ ਸਿੰਘ ਸਿੱਧੂ)- ਸ੍ਰੀ ਅਕਾਲ ਤਖ਼ਤ ਸਾਹਿਬ ਦੇ ਪ੍ਰਬੰਧਕੀ ਢਾਂਚੇ ਨੂੰ ਲੈ ਕੇ ਭਾਈ ਹਰਦੀਪ ਸਿੰਘ ਮਹਿਰਾਜ ਨੇ ਕਿਹਾ ਕਿ ਸ੍ਰੀ ਅਕਾਲ ਤਖ਼ਤ ਸਾਹਿਬ ਦੇ ਪ੍ਰਬੰਧਾਂ ਲਈ ਪੁਰਾਤਨ ਇਤਿਹਾਸ ਅਤੇ ਪੁਰਾਤਨ ਪ੍ਰਬੰਧਕਾਂ ਤੋਂ ਸੇਧ ਲੈਣੀ ਬਹੁਤ ਜ਼ਰੂਰੀ ਹੈ। ਉਨ੍ਹਾਂ ਕਿਹਾ ਕਿ ਸਿੱਖ ਕੌਮ ਦੀ ਸਰਵਉੱਚ ਸੰਸਥਾ ਦੀ ਮਰਿਆਦਾ ਨੂੰ ਕਾਇਮ ਰੱਖਣਾ ਹਰ ਸਿੱਖ ਦਾ ਫ਼ਰਜ਼ ਹੈ।
ਮਹਿਰਾਜ, 21 ਜੁਲਾਈ (ਪ੍ਰੀਤਮ ਸਿੰਘ ਸਿੱਧੂ)- ਸ੍ਰੀ ਅਕਾਲ ਤਖ਼ਤ ਸਾਹਿਬ ਦੇ ਪ੍ਰਬੰਧਕੀ ਢਾਂਚੇ ਨੂੰ ਲੈ ਕੇ ਭਾਈ ਹਰਦੀਪ ਸਿੰਘ ਮਹਿਰਾਜ ਨੇ ਕਿਹਾ ਕਿ ਸ੍ਰੀ ਅਕਾਲ ਤਖ਼ਤ ਸਾਹਿਬ ਦੇ ਪ੍ਰਬੰਧਾਂ ਲਈ ਪੁਰਾਤਨ ਇਤਿਹਾਸ ਅਤੇ ਪੁਰਾਤਨ ਪ੍ਰਬੰਧਕਾਂ ਤੋਂ ਸੇਧ ਲੈਣੀ ਬਹੁਤ ਜ਼ਰੂਰੀ ਹੈ। ਉਨ੍ਹਾਂ ਕਿਹਾ ਕਿ ਸਿੱਖ ਕੌਮ ਦੀ ਸਰਵਉੱਚ ਸੰਸਥਾ ਦੀ ਮਰਿਆਦਾ ਨੂੰ ਕਾਇਮ ਰੱਖਣਾ ਹਰ ਸਿੱਖ ਦਾ ਫ਼ਰਜ਼ ਹੈ।
ਮੁਲਾਜ਼ਮਾਂ ਦੀਆਂ ਮੰਨੀਆਂ ਮੰਗਾਂ ਨੂੰ ਲਾਗੂ ਕਰਵਾਉਣ ਲਈ ਸਕੱਤਰ ਪੱਧਰੀ ਦਿੱਤਾ ਧਰਨਾ
ਪੰਜਾਬ ਟਾਇਮਜ਼ | ਖ਼ਬਰ
ਬਠਿੰਡਾ/ਬਲਿਆਂ ਵਾਲੀ, 21 ਜੁਲਾਈ (ਨਸੀਬ ਸਤਪਾਲ)- ਪਾਵਰਕਾਮ ਅਤੇ ਟਰਾਂਸਕੋ ਦੇ ਮੁਲਾਜ਼ਮਾਂ ਵੱਲੋਂ ਆਪਣੀਆਂ ਮੰਨੀਆਂ ਹੋਈਆਂ ਮੰਗਾਂ ਨੂੰ ਲਾਗੂ ਕਰਵਾਉਣ ਲਈ ਸਕੱਤਰ ਪੱਧਰੀ ਧਰਨਾ ਦਿੱਤਾ ਗਿਆ। ਇਸ ਮੌਕੇ ਆਗੂਆਂ ਨੇ ਕਿਹਾ ਕਿ ਸਰਕਾਰ ਵੱਲੋਂ ਮੁਲਾਜ਼ਮਾਂ ਦੀਆਂ ਮੰਗਾਂ ਮੰਨਣ ਦੇ ਬਾਵਜੂਦ ਉਨ੍ਹਾਂ ਨੂੰ ਲਾਗੂ ਨਹੀਂ ਕੀਤਾ ਜਾ ਰਿਹਾ, ਜਿਸ ਕਾਰਨ ਮੁਲਾਜ਼ਮਾਂ ਵਿੱਚ ਭਾਰੀ ਰੋਸ ਹੈ। ਉਨ੍ਹਾਂ ਚਿਤਾਵਨੀ ਦਿੱਤੀ ਕਿ ਜੇਕਰ ਮੰਗਾਂ ਜਲਦ ਲਾਗੂ ਨਾ ਕੀਤੀਆਂ ਗਈਆਂ ਤਾਂ ਸੰਘਰਸ਼ ਤੇਜ਼ ਕੀਤਾ ਜਾਵੇਗਾ।
ਬਠਿੰਡਾ/ਬਲਿਆਂ ਵਾਲੀ, 21 ਜੁਲਾਈ (ਨਸੀਬ ਸਤਪਾਲ)- ਪਾਵਰਕਾਮ ਅਤੇ ਟਰਾਂਸਕੋ ਦੇ ਮੁਲਾਜ਼ਮਾਂ ਵੱਲੋਂ ਆਪਣੀਆਂ ਮੰਨੀਆਂ ਹੋਈਆਂ ਮੰਗਾਂ ਨੂੰ ਲਾਗੂ ਕਰਵਾਉਣ ਲਈ ਸਕੱਤਰ ਪੱਧਰੀ ਧਰਨਾ ਦਿੱਤਾ ਗਿਆ। ਇਸ ਮੌਕੇ ਆਗੂਆਂ ਨੇ ਕਿਹਾ ਕਿ ਸਰਕਾਰ ਵੱਲੋਂ ਮੁਲਾਜ਼ਮਾਂ ਦੀਆਂ ਮੰਗਾਂ ਮੰਨਣ ਦੇ ਬਾਵਜੂਦ ਉਨ੍ਹਾਂ ਨੂੰ ਲਾਗੂ ਨਹੀਂ ਕੀਤਾ ਜਾ ਰਿਹਾ, ਜਿਸ ਕਾਰਨ ਮੁਲਾਜ਼ਮਾਂ ਵਿੱਚ ਭਾਰੀ ਰੋਸ ਹੈ। ਉਨ੍ਹਾਂ ਚਿਤਾਵਨੀ ਦਿੱਤੀ ਕਿ ਜੇਕਰ ਮੰਗਾਂ ਜਲਦ ਲਾਗੂ ਨਾ ਕੀਤੀਆਂ ਗਈਆਂ ਤਾਂ ਸੰਘਰਸ਼ ਤੇਜ਼ ਕੀਤਾ ਜਾਵੇਗਾ।
ਬਠਿੰਡਾ/ਬਲਿਆਂ ਵਾਲੀ, 21 ਜੁਲਾਈ (ਨਸੀਬ ਸਤਪਾਲ)- ਪਾਵਰਕਾਮ ਅਤੇ ਟਰਾਂਸਕੋ ਦੇ ਮੁਲਾਜ਼ਮਾਂ ਵੱਲੋਂ ਆਪਣੀਆਂ ਮੰਨੀਆਂ ਹੋਈਆਂ ਮੰਗਾਂ ਨੂੰ ਲਾਗੂ ਕਰਵਾਉਣ ਲਈ ਸਕੱਤਰ ਪੱਧਰੀ ਧਰਨਾ ਦਿੱਤਾ ਗਿਆ। ਇਸ ਮੌਕੇ ਆਗੂਆਂ ਨੇ ਕਿਹਾ ਕਿ ਸਰਕਾਰ ਵੱਲੋਂ ਮੁਲਾਜ਼ਮਾਂ ਦੀਆਂ ਮੰਗਾਂ ਮੰਨਣ ਦੇ ਬਾਵਜੂਦ ਉਨ੍ਹਾਂ ਨੂੰ ਲਾਗੂ ਨਹੀਂ ਕੀਤਾ ਜਾ ਰਿਹਾ, ਜਿਸ ਕਾਰਨ ਮੁਲਾਜ਼ਮਾਂ ਵਿੱਚ ਭਾਰੀ ਰੋਸ ਹੈ। ਉਨ੍ਹਾਂ ਚਿਤਾਵਨੀ ਦਿੱਤੀ ਕਿ ਜੇਕਰ ਮੰਗਾਂ ਜਲਦ ਲਾਗੂ ਨਾ ਕੀਤੀਆਂ ਗਈਆਂ ਤਾਂ ਸੰਘਰਸ਼ ਤੇਜ਼ ਕੀਤਾ ਜਾਵੇਗਾ।
ਤਲਵੰਡੀ ਸਾਬੋ, 21 ਜੁਲਾਈ (ਜ਼ਬਰਜੀਤ ਸਿੰਘ ਸਿੱਧੂ)- ਲੱਖੀ ਜੰਗਲ ਖ਼ਾਲਸਾ ਜਥੇ ਵੱਲੋਂ ਸ੍ਰੀ ਅਕਾਲ ਤਖ਼ਤ ਸਾਹਿਬ ਦੀ ਪ੍ਰਬੰਧਕੀ ਜੁਗਤ ਨੂੰ ਨਵਿਆਉਣ ਸਬੰਧੀ ਇਕ ਵਿਚਾਰ ਗੋਸ਼ਟੀ ਕਰਵਾਈ ਗਈ, ਜਿਸ ਵਿੱਚ ਵੱਡੀ ਗਿਣਤੀ ਵਿੱਚ ਸਿੱਖ ਵਿਦਵਾਨਾਂ, ਬੁੱਧੀਜੀਵੀਆਂ ਅਤੇ ਪੰਥਕ ਸ਼ਖ਼ਸੀਅਤਾਂ ਨੇ ਹਿੱਸਾ ਲਿਆ। ਬੁਲਾਰਿਆਂ ਨੇ ਕਿਹਾ ਕਿ ਸ੍ਰੀ ਅਕਾਲ ਤਖ਼ਤ ਸਾਹਿਬ ਦੀ ਖ਼ੁਦਮੁਖਤਿਆਰੀ ਅਤੇ ਸਰਵਉੱਚਤਾ ਨੂੰ ਬਰਕਰਾਰ ਰੱਖਣ ਲਈ ਸਮੁੱਚੀ ਕੌਮ ਨੂੰ ਇਕੱਠੇ ਹੋਣਾ ਪਵੇਗਾ।
ਆਪ ਪਾਰਟੀ ਦੇ ਨਵ ਨਿਯੁਕਤ ਅਹੁਦੇਦਾਰਾਂ ਦਾ ਜ਼ਿਲ੍ਹਾ ਪ੍ਰਧਾਨ ਅਤੇ ਲੋਕ ਸਭਾ ਹਲਕਾ ਇੰਚਾਰਜ ਨੇ ਕੀਤਾ ਸਨਮਾਨ
ਕਿਹਾ ਮਿਹਨਤੀ, ਇਮਾਨਦਾਰ ਅਤੇ ਵਫਾਦਾਰ ਵਲੰਟੀਅਰਾਂ ਨੂੰ ਨਿਵਾਜਿਆ ਜਾਵੇਗਾ ਅੱਗੇ
ਪੰਜਾਬ ਟਾਇਮਜ਼ | ਖ਼ਬਰ
ਬਠਿੰਡਾ, 21 ਜੁਲਾਈ (ਲੁਭਾਸ਼ ਸਿੰਗਲਾ/ ਗੁਰਪ੍ਰੀਤ ਸਿੰਘ)- ਆਮ ਆਦਮੀ ਪਾਰਟੀ ਵੱਲੋਂ ਨਵੇਂ ਨਿਯੁਕਤ ਕੀਤੇ ਗਏ ਅਹੁਦੇਦਾਰਾਂ ਦਾ ਜ਼ਿਲ੍ਹਾ ਪ੍ਰਧਾਨ ਅਤੇ ਲੋਕ ਸਭਾ ਹਲਕਾ ਇੰਚਾਰਜ ਵੱਲੋਂ ਸਨਮਾਨ ਕੀਤਾ ਗਿਆ। ਇਸ ਮੌਕੇ ਉਨ੍ਹਾਂ ਕਿਹਾ ਕਿ ਪਾਰਟੀ ਵਿੱਚ ਮਿਹਨਤੀ, ਇਮਾਨਦਾਰ ਅਤੇ ਵਫ਼ਾਦਾਰ ਵਲੰਟੀਅਰਾਂ ਨੂੰ ਅੱਗੇ ਵੀ ਅਹੁਦਿਆਂ ਨਾਲ ਨਿਵਾਜਿਆ ਜਾਵੇਗਾ ਅਤੇ ਪਾਰਟੀ ਨੂੰ ਹੇਠਲੇ ਪੱਧਰ ਤੱਕ ਮਜ਼ਬੂਤ ਕੀਤਾ ਜਾਵੇਗਾ।
ਬਠਿੰਡਾ, 21 ਜੁਲਾਈ (ਲੁਭਾਸ਼ ਸਿੰਗਲਾ/ ਗੁਰਪ੍ਰੀਤ ਸਿੰਘ)- ਆਮ ਆਦਮੀ ਪਾਰਟੀ ਵੱਲੋਂ ਨਵੇਂ ਨਿਯੁਕਤ ਕੀਤੇ ਗਏ ਅਹੁਦੇਦਾਰਾਂ ਦਾ ਜ਼ਿਲ੍ਹਾ ਪ੍ਰਧਾਨ ਅਤੇ ਲੋਕ ਸਭਾ ਹਲਕਾ ਇੰਚਾਰਜ ਵੱਲੋਂ ਸਨਮਾਨ ਕੀਤਾ ਗਿਆ। ਇਸ ਮੌਕੇ ਉਨ੍ਹਾਂ ਕਿਹਾ ਕਿ ਪਾਰਟੀ ਵਿੱਚ ਮਿਹਨਤੀ, ਇਮਾਨਦਾਰ ਅਤੇ ਵਫ਼ਾਦਾਰ ਵਲੰਟੀਅਰਾਂ ਨੂੰ ਅੱਗੇ ਵੀ ਅਹੁਦਿਆਂ ਨਾਲ ਨਿਵਾਜਿਆ ਜਾਵੇਗਾ ਅਤੇ ਪਾਰਟੀ ਨੂੰ ਹੇਠਲੇ ਪੱਧਰ ਤੱਕ ਮਜ਼ਬੂਤ ਕੀਤਾ ਜਾਵੇਗਾ।
C-K	C-K
